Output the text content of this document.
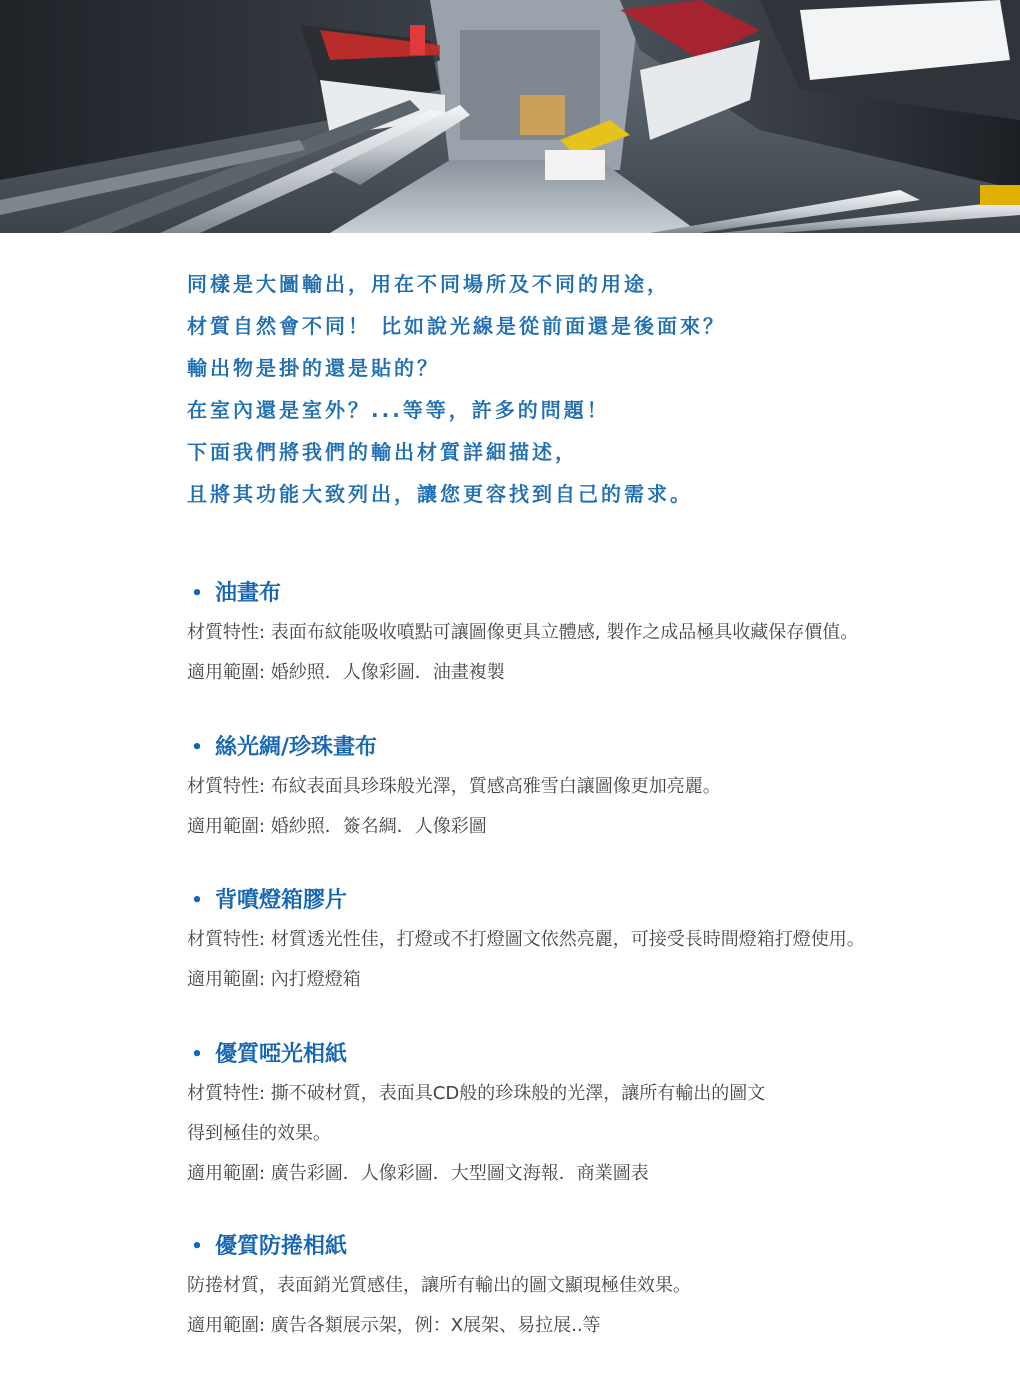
同樣是大圖輸出，用在不同場所及不同的用途，
材質自然會不同！ 比如說光線是從前面還是後面來？
輸出物是掛的還是貼的？
在室內還是室外？...等等，許多的問題！
下面我們將我們的輸出材質詳細描述，
且將其功能大致列出，讓您更容找到自己的需求。
• 油畫布
材質特性: 表面布紋能吸收噴點可讓圖像更具立體感, 製作之成品極具收藏保存價值。
適用範圍: 婚紗照．人像彩圖．油畫複製
• 絲光綢/珍珠畫布
材質特性: 布紋表面具珍珠般光澤，質感高雅雪白讓圖像更加亮麗。
適用範圍: 婚紗照．簽名綢．人像彩圖
• 背噴燈箱膠片
材質特性: 材質透光性佳，打燈或不打燈圖文依然亮麗，可接受長時間燈箱打燈使用。
適用範圍: 內打燈燈箱
• 優質啞光相紙
材質特性: 撕不破材質，表面具CD般的珍珠般的光澤，讓所有輸出的圖文
得到極佳的效果。
適用範圍: 廣告彩圖．人像彩圖．大型圖文海報．商業圖表
• 優質防捲相紙
防捲材質，表面銷光質感佳，讓所有輸出的圖文顯現極佳效果。
適用範圍: 廣告各類展示架，例：X展架、易拉展..等
